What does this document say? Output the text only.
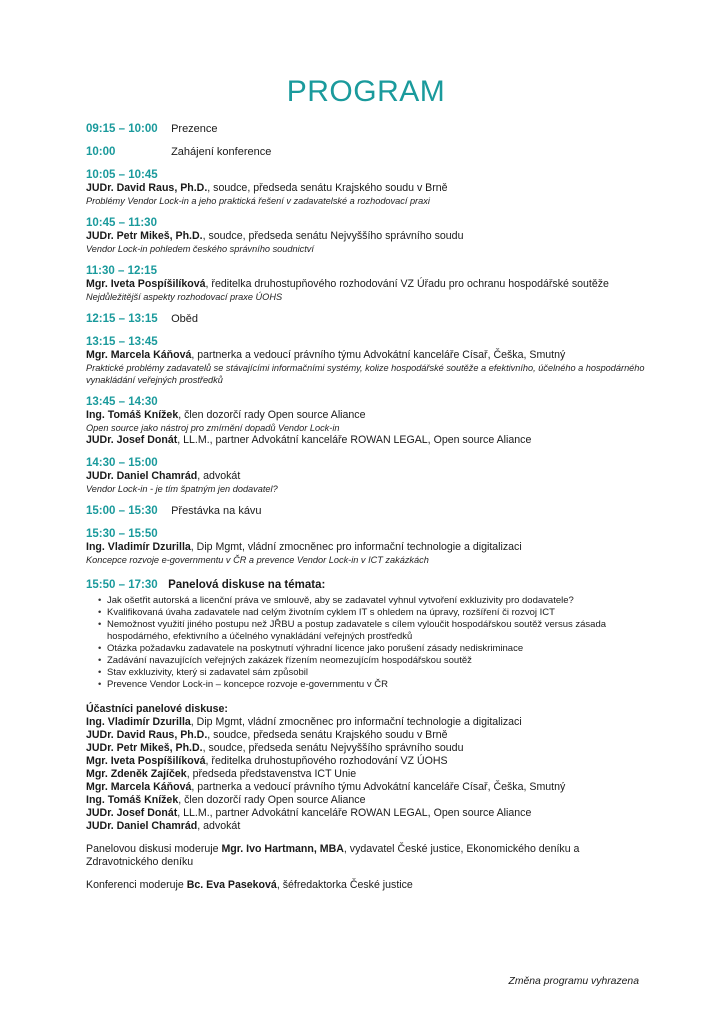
PROGRAM
09:15 – 10:00 Prezence
10:00	Zahájení konference
10:05 – 10:45
JUDr. David Raus, Ph.D., soudce, předseda senátu Krajského soudu v Brně
Problémy Vendor Lock-in a jeho praktická řešení v zadavatelské a rozhodovací praxi
10:45 – 11:30
JUDr. Petr Mikeš, Ph.D., soudce, předseda senátu Nejvyššího správního soudu
Vendor Lock-in pohledem českého správního soudnictví
11:30 – 12:15
Mgr. Iveta Pospíšilíková, ředitelka druhostupňového rozhodování VZ Úřadu pro ochranu hospodářské soutěže
Nejdůležitější aspekty rozhodovací praxe ÚOHS
12:15 – 13:15 Oběd
13:15 – 13:45
Mgr. Marcela Káňová, partnerka a vedoucí právního týmu Advokátní kanceláře Císař, Češka, Smutný
Praktické problémy zadavatelů se stávajícími informačními systémy, kolize hospodářské soutěže a efektivního, účelného a hospodárného vynakládání veřejných prostředků
13:45 – 14:30
Ing. Tomáš Knížek, člen dozorčí rady Open source Aliance
Open source jako nástroj pro zmírnění dopadů Vendor Lock-in
JUDr. Josef Donát, LL.M., partner Advokátní kanceláře ROWAN LEGAL, Open source Aliance
14:30 – 15:00
JUDr. Daniel Chamrád, advokát
Vendor Lock-in - je tím špatným jen dodavatel?
15:00 – 15:30 Přestávka na kávu
15:30 – 15:50
Ing. Vladimír Dzurilla, Dip Mgmt, vládní zmocněnec pro informační technologie a digitalizaci
Koncepce rozvoje e-governmentu v ČR a prevence Vendor Lock-in v ICT zakázkách
15:50 – 17:30 Panelová diskuse na témata:
• Jak ošetřit autorská a licenční práva ve smlouvě, aby se zadavatel vyhnul vytvoření exkluzivity pro dodavatele?
• Kvalifikovaná úvaha zadavatele nad celým životním cyklem IT s ohledem na úpravy, rozšíření či rozvoj ICT
• Nemožnost využití jiného postupu než JŘBU a postup zadavatele s cílem vyloučit hospodářskou soutěž versus zásada hospodárného, efektivního a účelného vynakládání veřejných prostředků
• Otázka požadavku zadavatele na poskytnutí výhradní licence jako porušení zásady nediskriminace
• Zadávání navazujících veřejných zakázek řízením neomezujícím hospodářskou soutěž
• Stav exkluzivity, který si zadavatel sám způsobil
• Prevence Vendor Lock-in – koncepce rozvoje e-governmentu v ČR
Účastníci panelové diskuse:
Ing. Vladimír Dzurilla, Dip Mgmt, vládní zmocněnec pro informační technologie a digitalizaci
JUDr. David Raus, Ph.D., soudce, předseda senátu Krajského soudu v Brně
JUDr. Petr Mikeš, Ph.D., soudce, předseda senátu Nejvyššího správního soudu
Mgr. Iveta Pospíšilíková, ředitelka druhostupňového rozhodování VZ ÚOHS
Mgr. Zdeněk Zajíček, předseda představenstva ICT Unie
Mgr. Marcela Káňová, partnerka a vedoucí právního týmu Advokátní kanceláře Císař, Češka, Smutný
Ing. Tomáš Knížek, člen dozorčí rady Open source Aliance
JUDr. Josef Donát, LL.M., partner Advokátní kanceláře ROWAN LEGAL, Open source Aliance
JUDr. Daniel Chamrád, advokát
Panelovou diskusi moderuje Mgr. Ivo Hartmann, MBA, vydavatel České justice, Ekonomického deníku a Zdravotnického deníku
Konferenci moderuje Bc. Eva Paseková, šéfredaktorka České justice
Změna programu vyhrazena
